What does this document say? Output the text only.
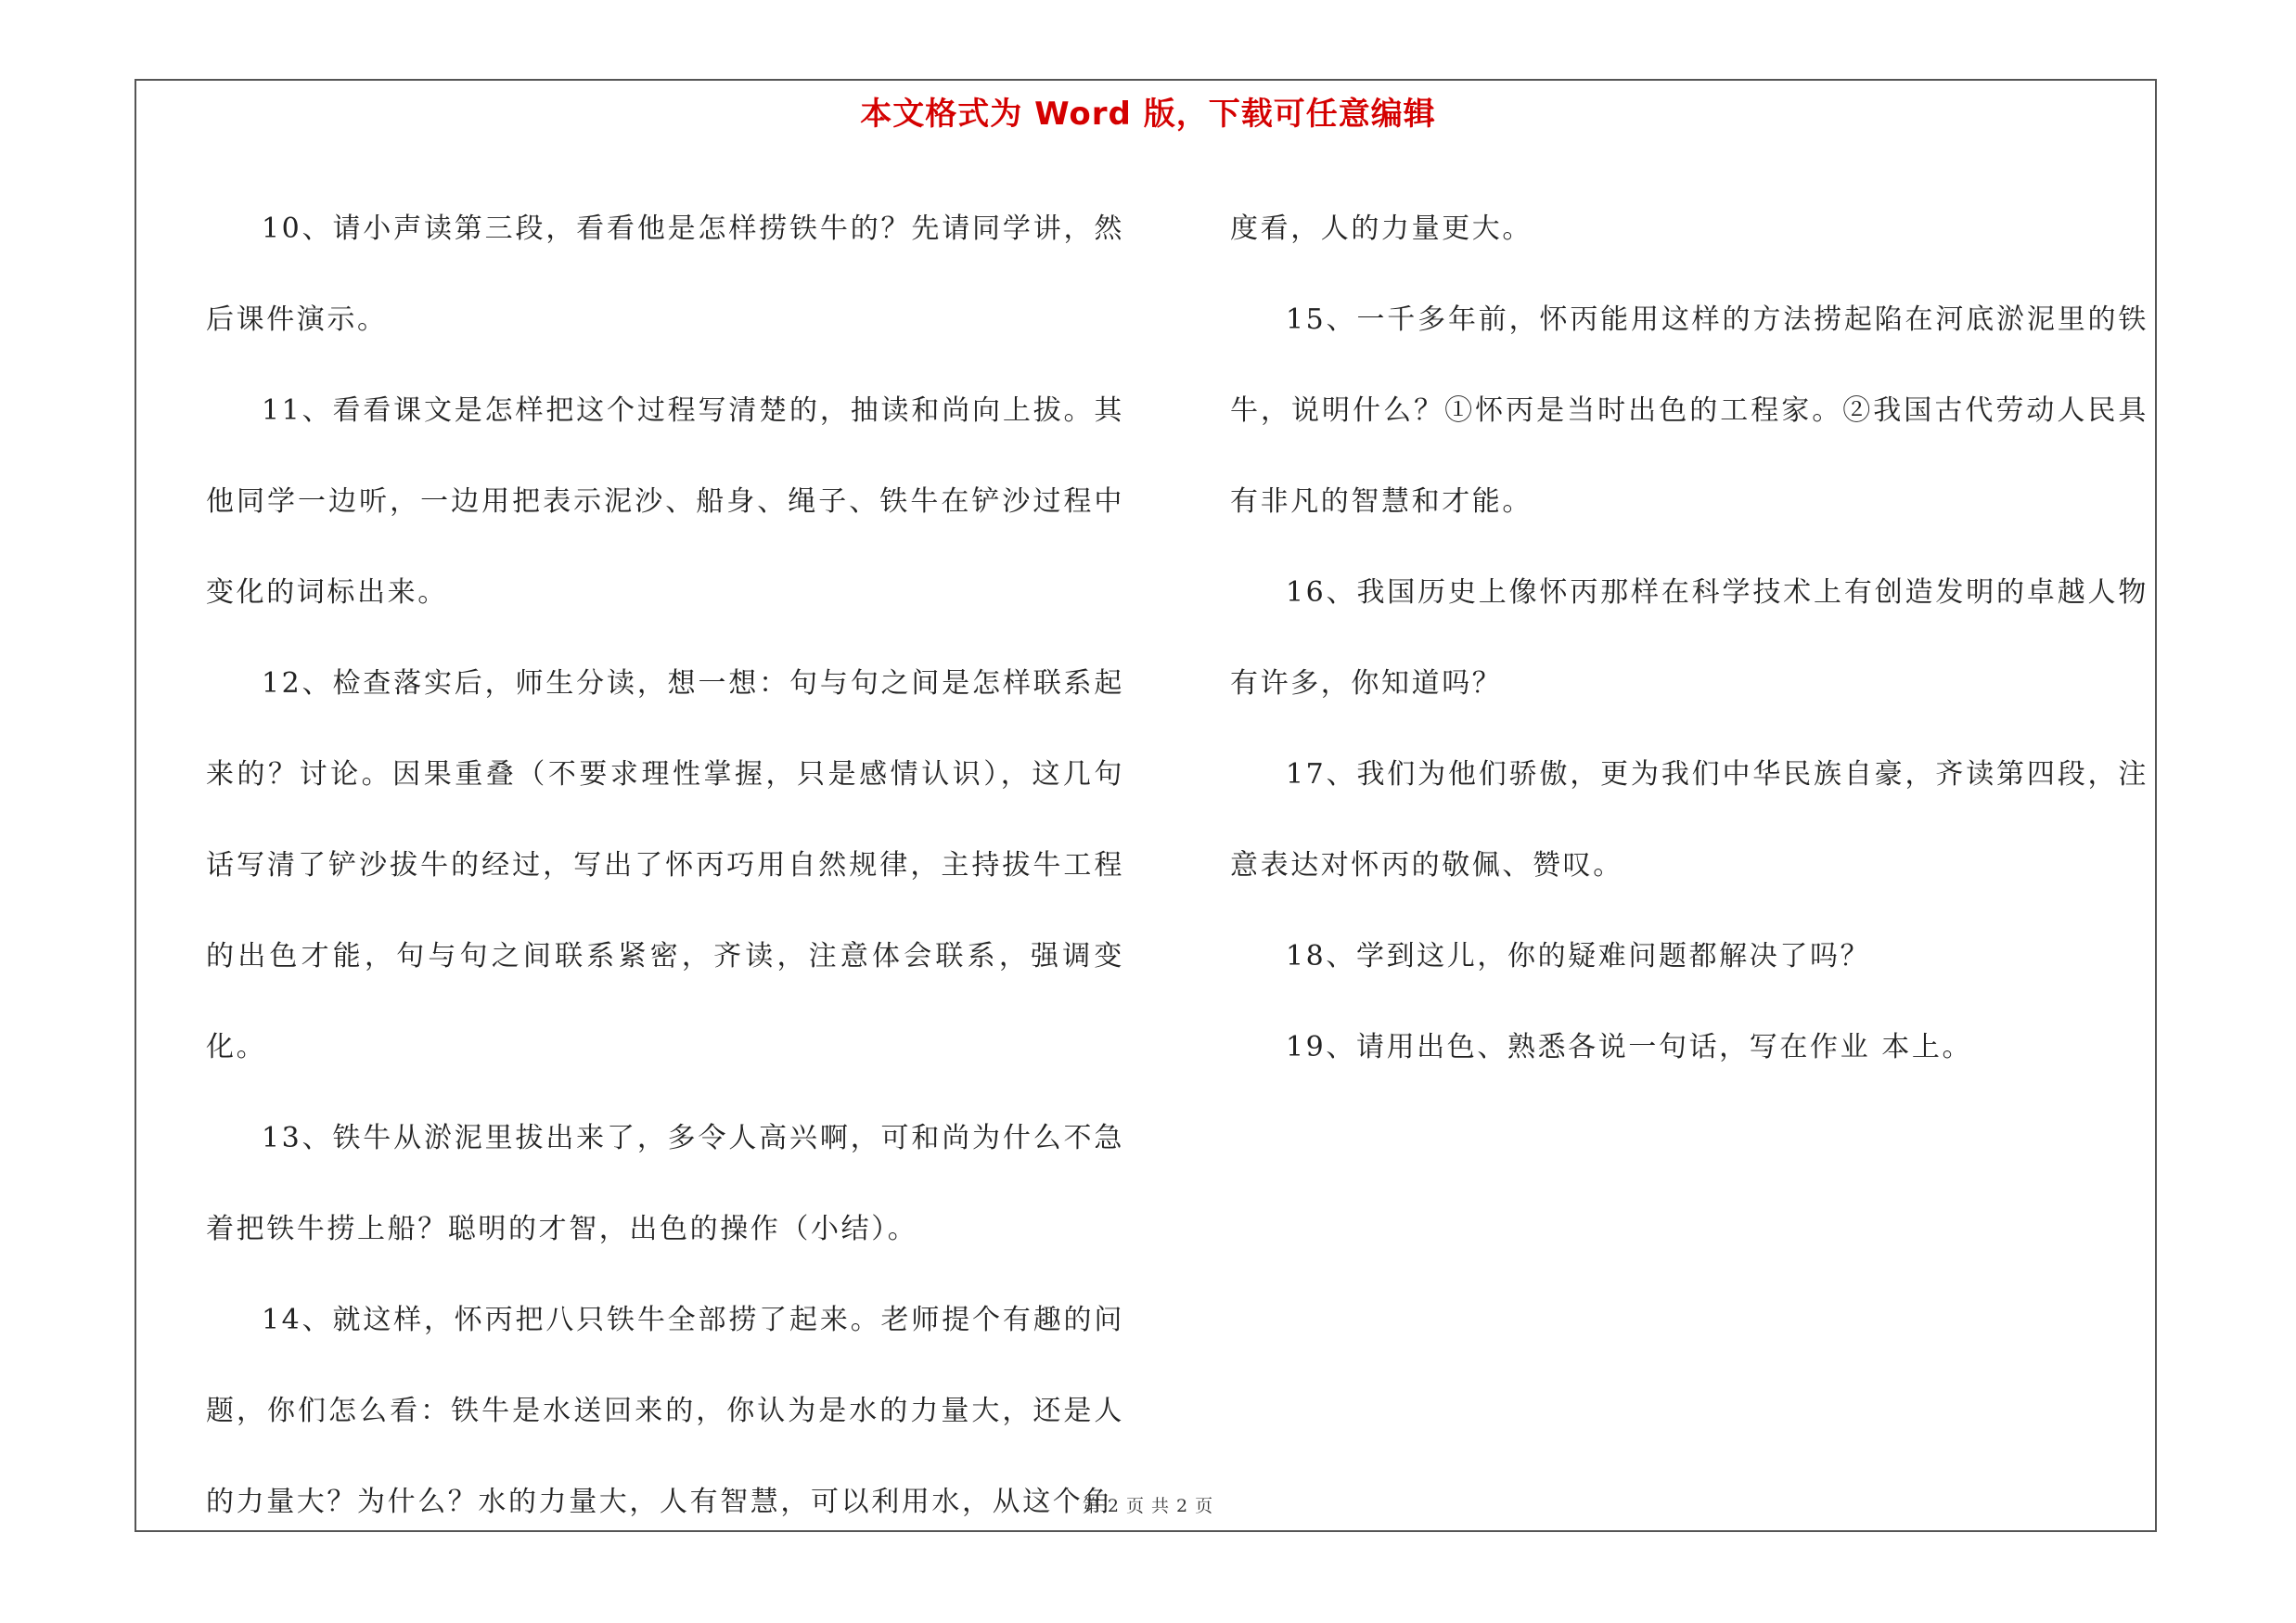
本文格式为 Word 版，下载可任意编辑

10、请小声读第三段，看看他是怎样捞铁牛的？先请同学讲，然后课件演示。

11、看看课文是怎样把这个过程写清楚的，抽读和尚向上拔。其他同学一边听，一边用把表示泥沙、船身、绳子、铁牛在铲沙过程中变化的词标出来。

12、检查落实后，师生分读，想一想：句与句之间是怎样联系起来的？讨论。因果重叠（不要求理性掌握，只是感情认识），这几句话写清了铲沙拔牛的经过，写出了怀丙巧用自然规律，主持拔牛工程的出色才能，句与句之间联系紧密，齐读，注意体会联系，强调变化。

13、铁牛从淤泥里拔出来了，多令人高兴啊，可和尚为什么不急着把铁牛捞上船？聪明的才智，出色的操作（小结）。

14、就这样，怀丙把八只铁牛全部捞了起来。老师提个有趣的问题，你们怎么看：铁牛是水送回来的，你认为是水的力量大，还是人的力量大？为什么？水的力量大，人有智慧，可以利用水，从这个角

度看，人的力量更大。

15、一千多年前，怀丙能用这样的方法捞起陷在河底淤泥里的铁牛，说明什么？①怀丙是当时出色的工程家。②我国古代劳动人民具有非凡的智慧和才能。

16、我国历史上像怀丙那样在科学技术上有创造发明的卓越人物有许多，你知道吗？

17、我们为他们骄傲，更为我们中华民族自豪，齐读第四段，注意表达对怀丙的敬佩、赞叹。

18、学到这儿，你的疑难问题都解决了吗？

19、请用出色、熟悉各说一句话，写在作业 本上。

第 2 页 共 2 页
